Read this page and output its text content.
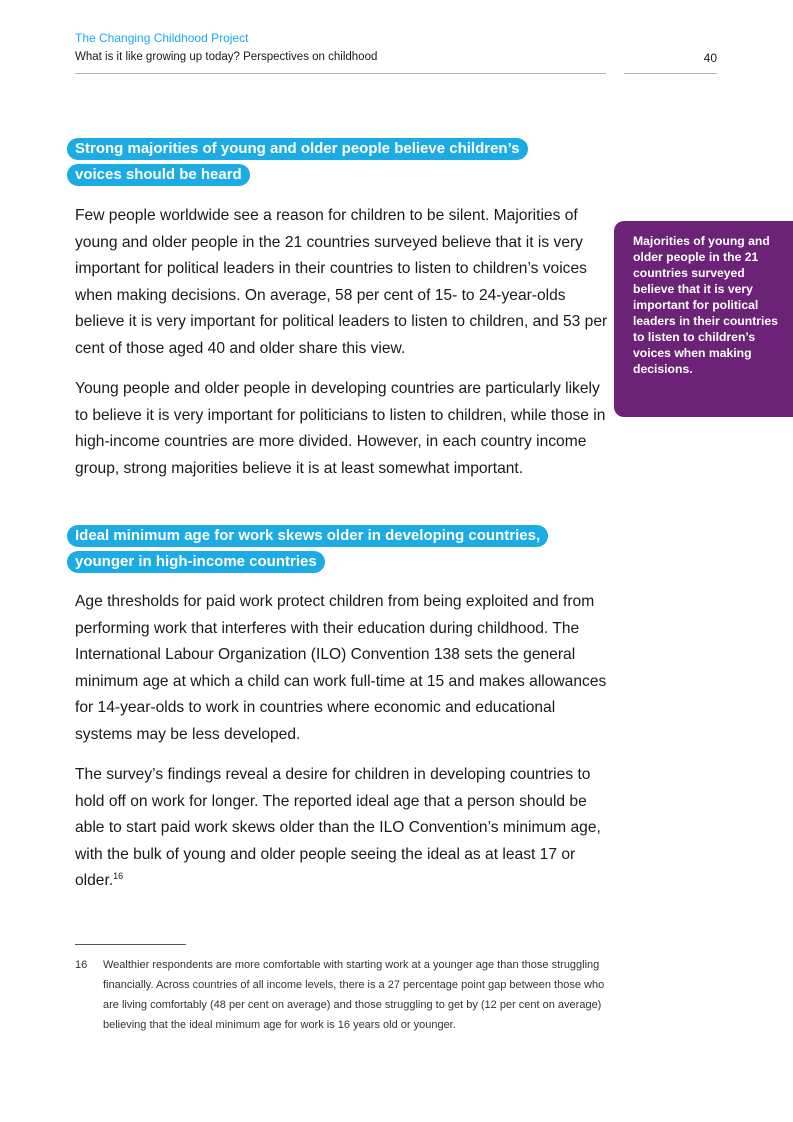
The Changing Childhood Project
What is it like growing up today? Perspectives on childhood	40
Strong majorities of young and older people believe children’s
voices should be heard

Few people worldwide see a reason for children to be silent. Majorities of young and older people in the 21 countries surveyed believe that it is very important for political leaders in their countries to listen to children’s voices when making decisions. On average, 58 per cent of 15- to 24-year-olds believe it is very important for political leaders to listen to children, and 53 per cent of those aged 40 and older share this view.

Young people and older people in developing countries are particularly likely to believe it is very important for politicians to listen to children, while those in high-income countries are more divided. However, in each country income group, strong majorities believe it is at least somewhat important.

Ideal minimum age for work skews older in developing countries,
younger in high-income countries

Age thresholds for paid work protect children from being exploited and from performing work that interferes with their education during childhood. The International Labour Organization (ILO) Convention 138 sets the general minimum age at which a child can work full-time at 15 and makes allowances for 14-year-olds to work in countries where economic and educational systems may be less developed.

The survey’s findings reveal a desire for children in developing countries to hold off on work for longer. The reported ideal age that a person should be able to start paid work skews older than the ILO Convention’s minimum age, with the bulk of young and older people seeing the ideal as at least 17 or older.$^{16}$

Majorities of young and older people in the 21 countries surveyed believe that it is very important for political leaders in their countries to listen to children’s voices when making decisions.
16 Wealthier respondents are more comfortable with starting work at a younger age than those struggling financially. Across countries of all income levels, there is a 27 percentage point gap between those who are living comfortably (48 per cent on average) and those struggling to get by (12 per cent on average) believing that the ideal minimum age for work is 16 years old or younger.
